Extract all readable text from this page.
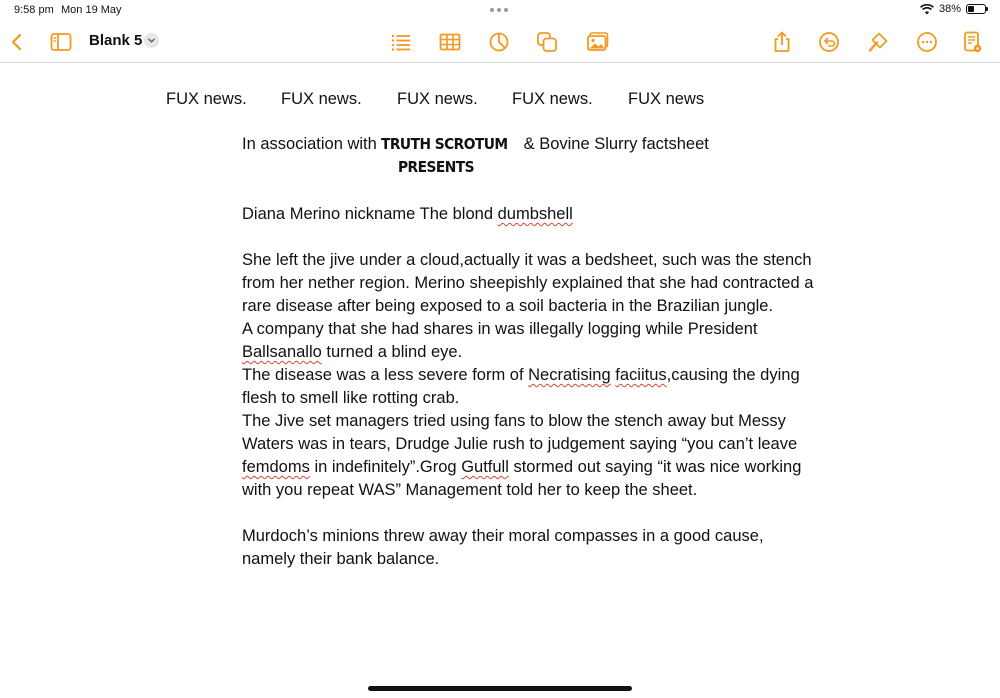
9:58 pm Mon 19 May	38%
Blank 5
FUX news. FUX news. FUX news. FUX news. FUX news
In association with TRUTH SCROTUM & Bovine Slurry factsheet
PRESENTS
Diana Merino nickname The blond dumbshell
She left the jive under a cloud,actually it was a bedsheet, such was the stench
from her nether region. Merino sheepishly explained that she had contracted a
rare disease after being exposed to a soil bacteria in the Brazilian jungle.
A company that she had shares in was illegally logging while President
Ballsanallo turned a blind eye.
The disease was a less severe form of Necratising faciitus,causing the dying
flesh to smell like rotting crab.
The Jive set managers tried using fans to blow the stench away but Messy
Waters was in tears, Drudge Julie rush to judgement saying “you can’t leave
femdoms in indefinitely”.Grog Gutfull stormed out saying “it was nice working
with you repeat WAS” Management told her to keep the sheet.
Murdoch’s minions threw away their moral compasses in a good cause,
namely their bank balance.
